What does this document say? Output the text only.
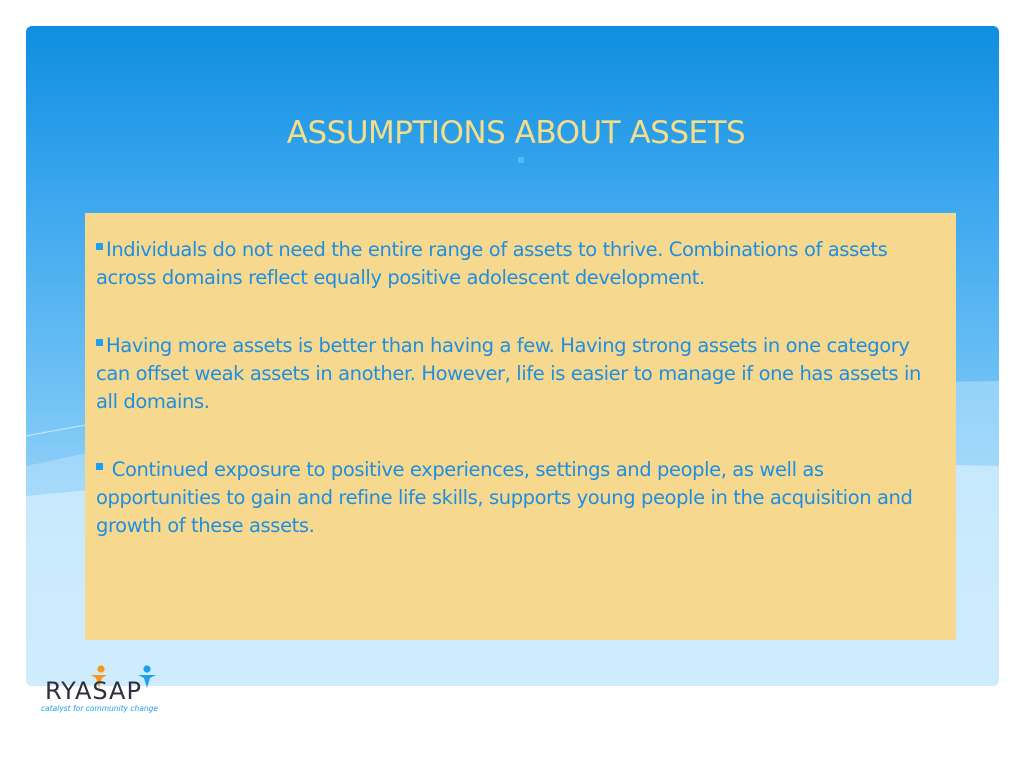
ASSUMPTIONS ABOUT ASSETS

Individuals do not need the entire range of assets to thrive. Combinations of assets across domains reflect equally positive adolescent development.

Having more assets is better than having a few. Having strong assets in one category can offset weak assets in another. However, life is easier to manage if one has assets in all domains.

Continued exposure to positive experiences, settings and people, as well as opportunities to gain and refine life skills, supports young people in the acquisition and growth of these assets.

RYASAP
catalyst for community change
